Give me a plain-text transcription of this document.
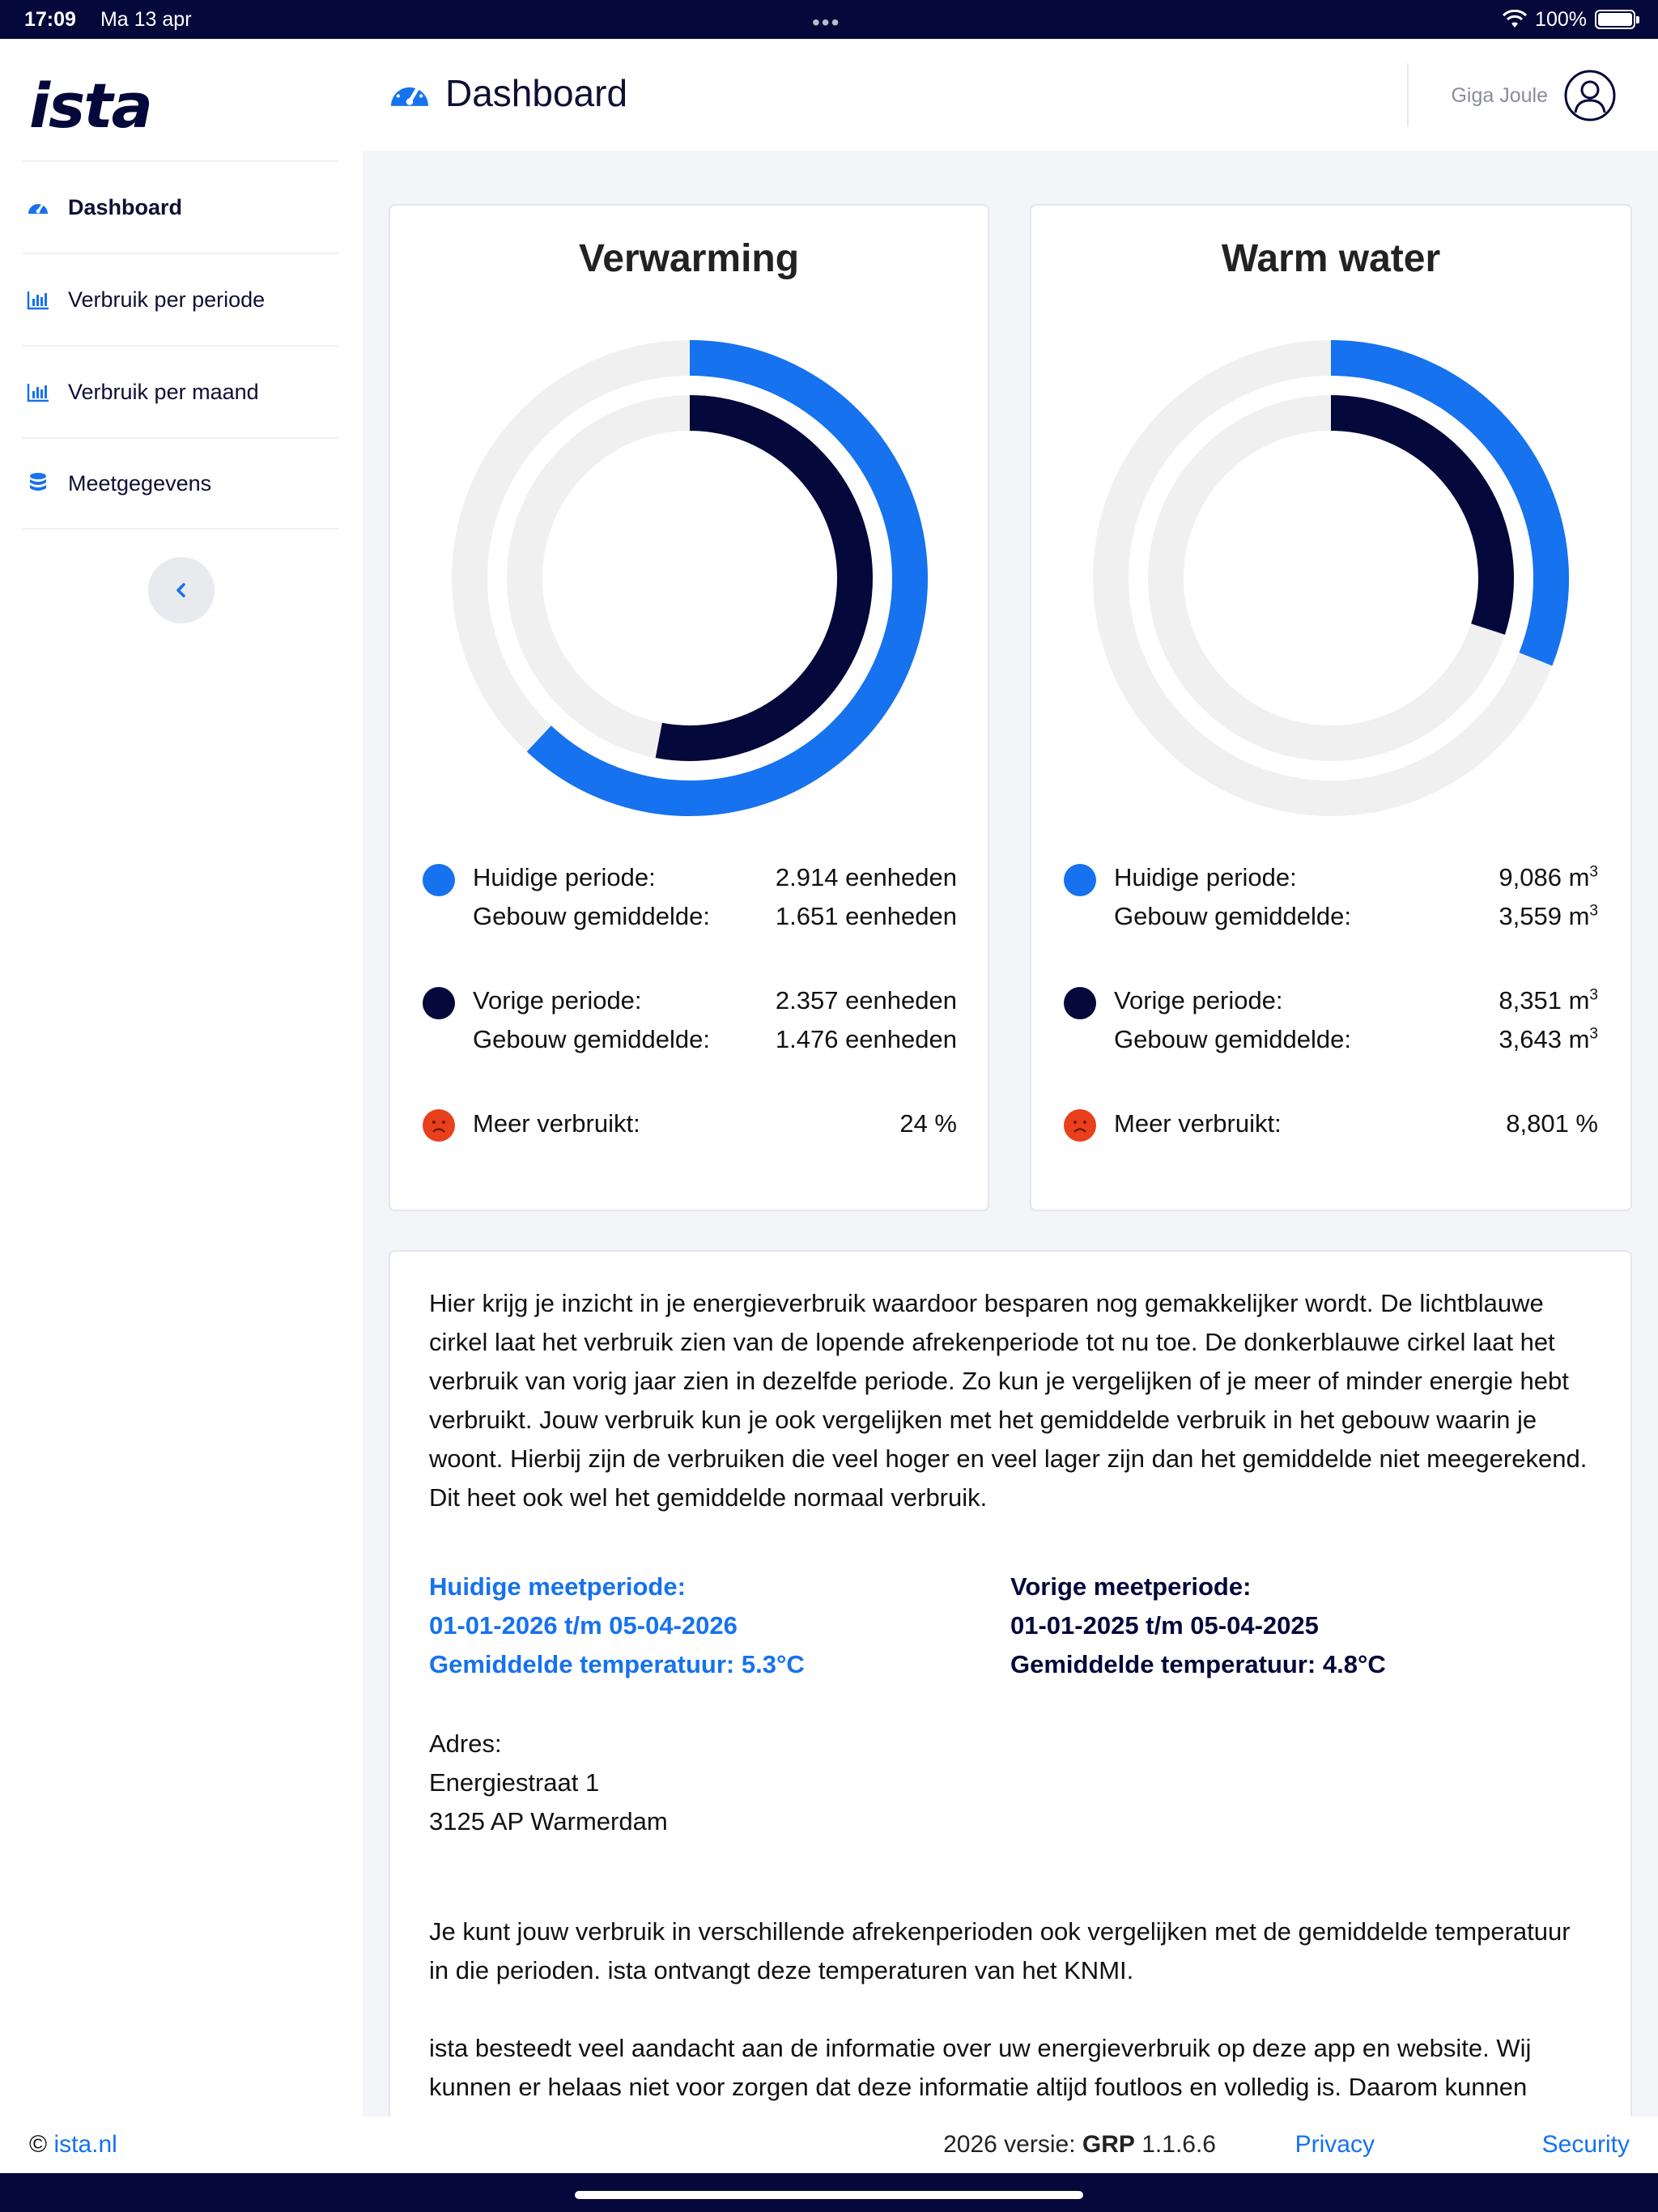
17:09 Ma 13 apr	•••	100%
ista
Dashboard
Verbruik per periode
Verbruik per maand
Meetgegevens
Dashboard	Giga Joule
Verwarming
Huidige periode:	2.914 eenheden
Gebouw gemiddelde:	1.651 eenheden
Vorige periode:	2.357 eenheden
Gebouw gemiddelde:	1.476 eenheden
Meer verbruikt:	24 %
Warm water
Huidige periode:	9,086 $m^3$
Gebouw gemiddelde:	3,559 $m^3$
Vorige periode:	8,351 $m^3$
Gebouw gemiddelde:	3,643 $m^3$
Meer verbruikt:	8,801 %

Hier krijg je inzicht in je energieverbruik waardoor besparen nog gemakkelijker wordt. De lichtblauwe cirkel laat het verbruik zien van de lopende afrekenperiode tot nu toe. De donkerblauwe cirkel laat het verbruik van vorig jaar zien in dezelfde periode. Zo kun je vergelijken of je meer of minder energie hebt verbruikt. Jouw verbruik kun je ook vergelijken met het gemiddelde verbruik in het gebouw waarin je woont. Hierbij zijn de verbruiken die veel hoger en veel lager zijn dan het gemiddelde niet meegerekend. Dit heet ook wel het gemiddelde normaal verbruik.

Huidige meetperiode:
01-01-2026 t/m 05-04-2026
Gemiddelde temperatuur: 5.3°C
Vorige meetperiode:
01-01-2025 t/m 05-04-2025
Gemiddelde temperatuur: 4.8°C
Adres:
Energiestraat 1
3125 AP Warmerdam

Je kunt jouw verbruik in verschillende afrekenperioden ook vergelijken met de gemiddelde temperatuur in die perioden. ista ontvangt deze temperaturen van het KNMI.

ista besteedt veel aandacht aan de informatie over uw energieverbruik op deze app en website. Wij kunnen er helaas niet voor zorgen dat deze informatie altijd foutloos en volledig is. Daarom kunnen

© ista.nl	2026 versie: GRP 1.1.6.6	Privacy	Security
